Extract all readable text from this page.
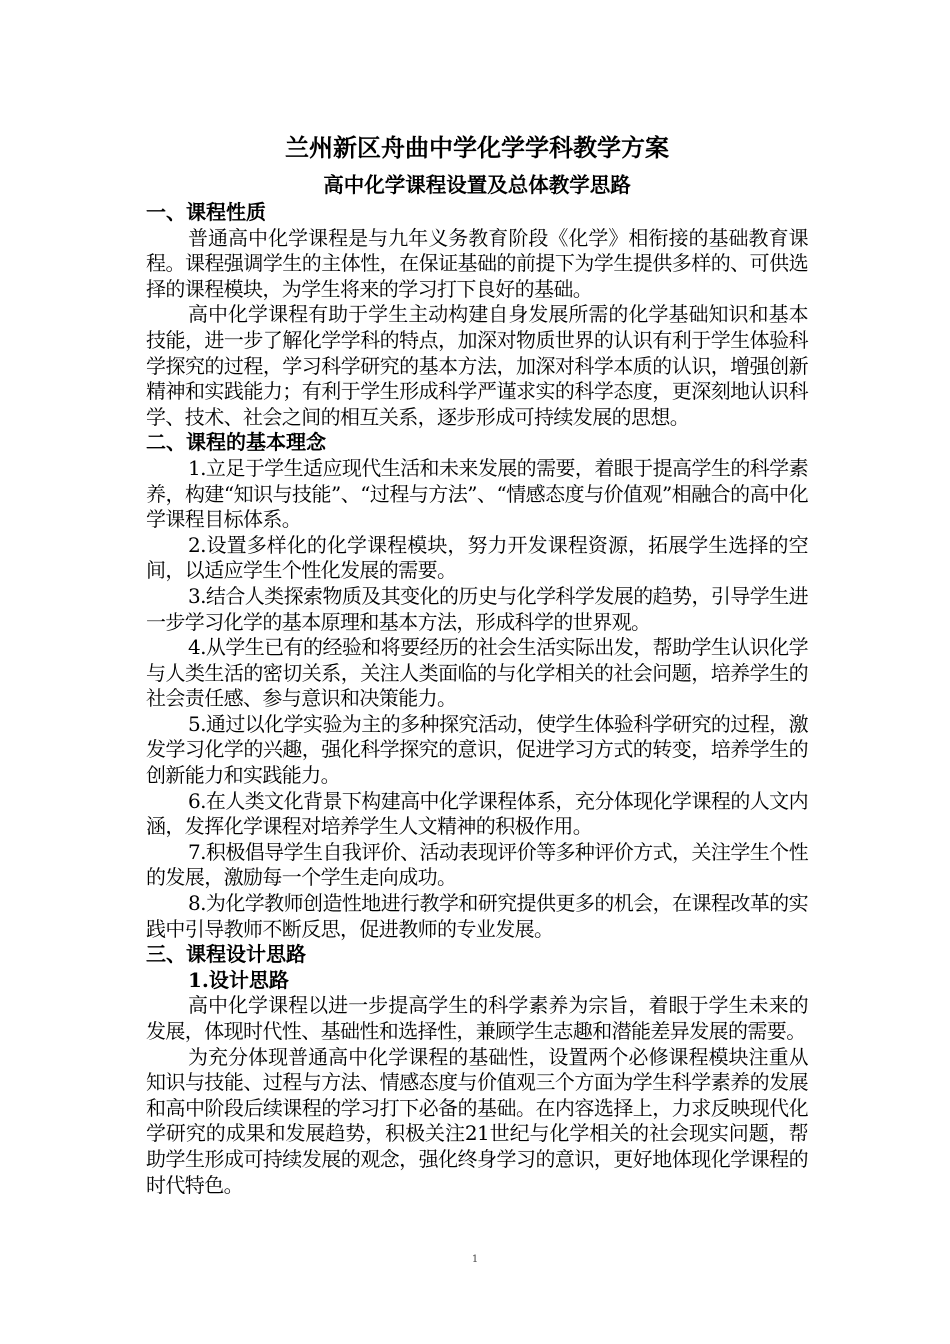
兰州新区舟曲中学化学学科教学方案
高中化学课程设置及总体教学思路
一、课程性质

普通高中化学课程是与九年义务教育阶段《化学》相衔接的基础教育课程。课程强调学生的主体性，在保证基础的前提下为学生提供多样的、可供选择的课程模块，为学生将来的学习打下良好的基础。

高中化学课程有助于学生主动构建自身发展所需的化学基础知识和基本技能，进一步了解化学学科的特点，加深对物质世界的认识有利于学生体验科学探究的过程，学习科学研究的基本方法，加深对科学本质的认识，增强创新精神和实践能力；有利于学生形成科学严谨求实的科学态度，更深刻地认识科学、技术、社会之间的相互关系，逐步形成可持续发展的思想。

二、课程的基本理念

1.立足于学生适应现代生活和未来发展的需要，着眼于提高学生的科学素养，构建“知识与技能”、“过程与方法”、“情感态度与价值观”相融合的高中化学课程目标体系。

2.设置多样化的化学课程模块，努力开发课程资源，拓展学生选择的空间，以适应学生个性化发展的需要。

3.结合人类探索物质及其变化的历史与化学科学发展的趋势，引导学生进一步学习化学的基本原理和基本方法，形成科学的世界观。

4.从学生已有的经验和将要经历的社会生活实际出发，帮助学生认识化学与人类生活的密切关系，关注人类面临的与化学相关的社会问题，培养学生的社会责任感、参与意识和决策能力。

5.通过以化学实验为主的多种探究活动，使学生体验科学研究的过程，激发学习化学的兴趣，强化科学探究的意识，促进学习方式的转变，培养学生的创新能力和实践能力。

6.在人类文化背景下构建高中化学课程体系，充分体现化学课程的人文内涵，发挥化学课程对培养学生人文精神的积极作用。

7.积极倡导学生自我评价、活动表现评价等多种评价方式，关注学生个性的发展，激励每一个学生走向成功。

8.为化学教师创造性地进行教学和研究提供更多的机会，在课程改革的实践中引导教师不断反思，促进教师的专业发展。

三、课程设计思路
1.设计思路

高中化学课程以进一步提高学生的科学素养为宗旨，着眼于学生未来的发展，体现时代性、基础性和选择性，兼顾学生志趣和潜能差异发展的需要。

为充分体现普通高中化学课程的基础性，设置两个必修课程模块注重从知识与技能、过程与方法、情感态度与价值观三个方面为学生科学素养的发展和高中阶段后续课程的学习打下必备的基础。在内容选择上，力求反映现代化学研究的成果和发展趋势，积极关注21世纪与化学相关的社会现实问题，帮助学生形成可持续发展的观念，强化终身学习的意识，更好地体现化学课程的时代特色。

1
